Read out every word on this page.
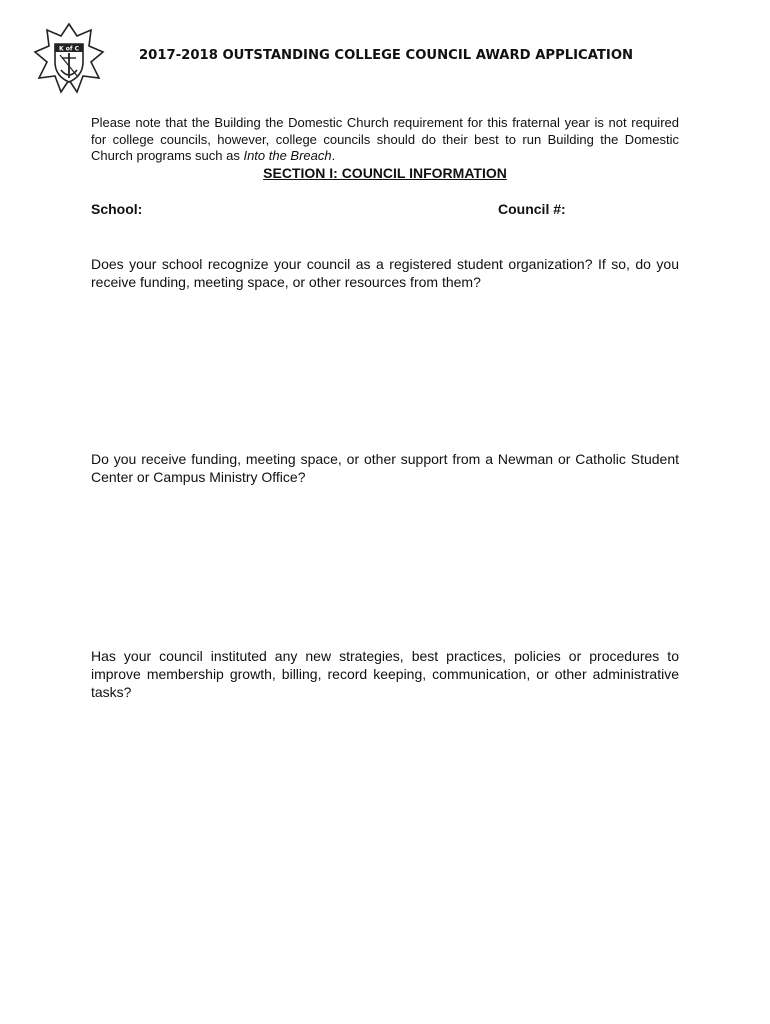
K of C	2017-2018 OUTSTANDING COLLEGE COUNCIL AWARD APPLICATION

Please note that the Building the Domestic Church requirement for this fraternal year is not required for college councils, however, college councils should do their best to run Building the Domestic Church programs such as Into the Breach.

SECTION I: COUNCIL INFORMATION
School:	Council #:

Does your school recognize your council as a registered student organization? If so, do you receive funding, meeting space, or other resources from them?

Do you receive funding, meeting space, or other support from a Newman or Catholic Student Center or Campus Ministry Office?

Has your council instituted any new strategies, best practices, policies or procedures to improve membership growth, billing, record keeping, communication, or other administrative tasks?
